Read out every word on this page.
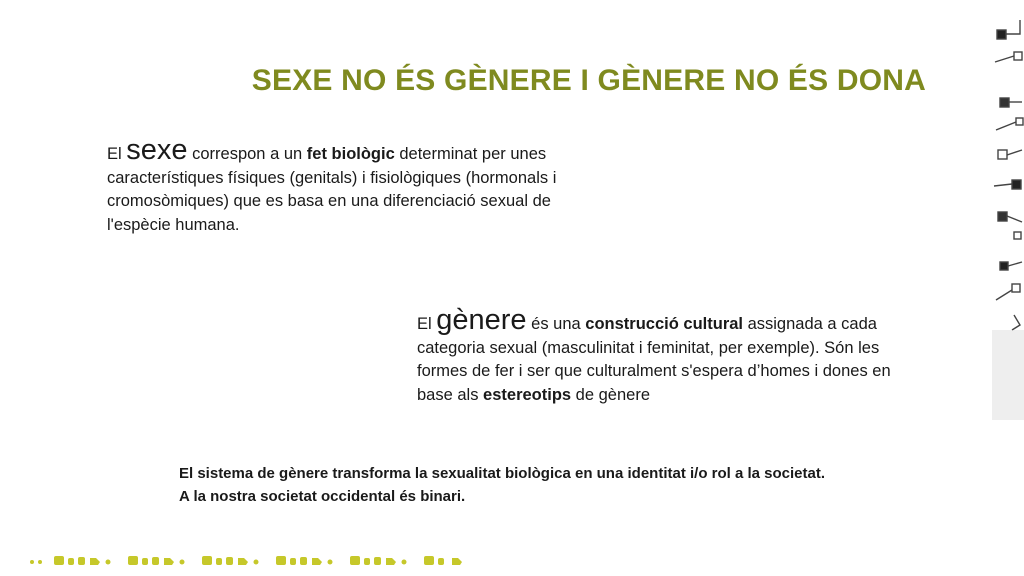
SEXE NO ÉS GÈNERE I GÈNERE NO ÉS DONA
El sexe correspon a un fet biològic determinat per unes característiques físiques (genitals) i fisiològiques (hormonals i cromosòmiques) que es basa en una diferenciació sexual de l'espècie humana.
El gènere és una construcció cultural assignada a cada categoria sexual (masculinitat i feminitat, per exemple). Són les formes de fer i ser que culturalment s'espera d’homes i dones en base als estereotips de gènere
El sistema de gènere transforma la sexualitat biològica en una identitat i/o rol a la societat.
A la nostra societat occidental és binari.
